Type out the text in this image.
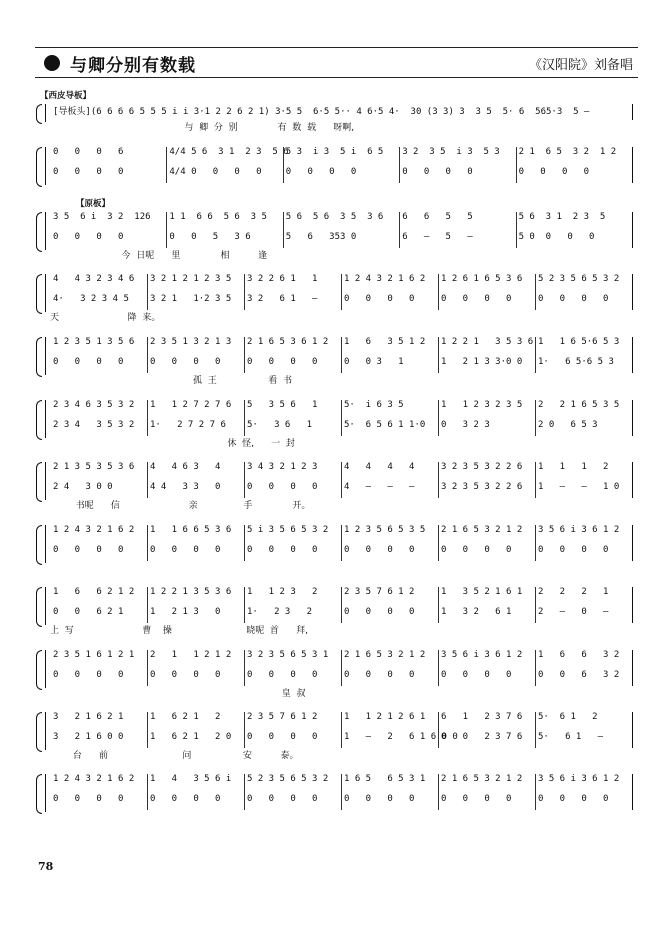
与卿分别有数载	《汉阳院》刘备唱
【西皮导板】
[导板头](6 6 6 6 5 5 5 i i 3·1 2 2 6 2 1) 3·5 5  6·5 5·· 4 6·5 4·  30 (3 3) 3  3 5  5· 6  565·3  5 –
与  卿  分  别              有  数  载      呀啊,
0   0   0   6
0   0   0   0
4/4 5 6  3 1  2 3  5 6
4/4 0   0   0   0
5 3  i 3  5 i  6 5
0   0   0   0
3 2  3 5  i 3  5 3
0   0   0   0
2 1  6 5  3 2  1 2
0   0   0   0
【原板】
3 5  6 i  3 2  126
0   0   0   0
1 1  6 6  5 6  3 5
0   0   5   3 6
5 6  5 6  3 5  3 6
5   6   353 0
6   6   5   5
6   –   5   –
5 6  3 1  2 3  5
5 0  0   0   0
今  日呢      里              相          逢
4   4 3 2 3 4 6
4·   3 2 3 4 5
3 2 1 2 1 2 3 5
3 2 1   1·2 3 5
3 2 2 6 1   1
3 2   6 1   –
1 2 4 3 2 1 6 2
0   0   0   0
1 2 6 1 6 5 3 6
0   0   0   0
5 2 3 5 6 5 3 2
0   0   0   0
天                        降  来。
1 2 3 5 1 3 5 6
0   0   0   0
2 3 5 1 3 2 1 3
0   0   0   0
2 1 6 5 3 6 1 2
0   0   0   0
1   6   3 5 1 2
0   0 3   1
1 2 2 1   3 5 3 6
1   2 1 3 3·0 0
1   1 6 5·6 5 3
1·   6 5·6 5 3
孤  王                  看  书
2 3 4 6 3 5 3 2
2 3 4   3 5 3 2
1   1 2 7 2 7 6
1·   2 7 2 7 6
5   3 5 6   1
5·   3 6   1
5·  i 6 3 5
5·  6 5 6 1 1·0
1   1 2 3 2 3 5
0   3 2 3
2   2 1 6 5 3 5
2 0   6 5 3
休  怪,      一  封
2 1 3 5 3 5 3 6
2 4   3 0 0
4   4 6 3   4
4 4   3 3   0
3 4 3 2 1 2 3
0   0   0   0
4   4   4   4
4   –   –   –
3 2 3 5 3 2 2 6
3 2 3 5 3 2 2 6
1   1   1   2
1   –   –   1 0
书呢      信                        亲                手              开。
1 2 4 3 2 1 6 2
0   0   0   0
1   1 6 6 5 3 6
0   0   0   0
5 i 3 5 6 5 3 2
0   0   0   0
1 2 3 5 6 5 3 5
0   0   0   0
2 1 6 5 3 2 1 2
0   0   0   0
3 5 6 i 3 6 1 2
0   0   0   0
1   6   6 2 1 2
0   0   6 2 1
1 2 2 1 3 5 3 6
1   2 1 3   0
1   1 2 3   2
1·   2 3   2
2 3 5 7 6 1 2
0   0   0   0
1   3 5 2 1 6 1
1   3 2   6 1
2   2   2   1
2   –   0   –
上  写                        曹    操                          晓呢  首      拜,
2 3 5 1 6 1 2 1
0   0   0   0
2   1   1 2 1 2
0   0   0   0
3 2 3 5 6 5 3 1
0   0   0   0
2 1 6 5 3 2 1 2
0   0   0   0
3 5 6 i 3 6 1 2
0   0   0   0
1   6   6   3 2
0   0   6   3 2
皇  叔
3   2 1 6 2 1
3   2 1 6 0 0
1   6 2 1   2
1   6 2 1   2 0
2 3 5 7 6 1 2
0   0   0   0
1   1 2 1 2 6 1
1   –   2   6 1 6 0 0
6   1   2 3 7 6
0   0   2 3 7 6
5·  6 1   2
5·   6 1   –
台      前                          问                  安          泰。
1 2 4 3 2 1 6 2
0   0   0   0
1   4   3 5 6 i
0   0   0   0
5 2 3 5 6 5 3 2
0   0   0   0
1 6 5   6 5 3 1
0   0   0   0
2 1 6 5 3 2 1 2
0   0   0   0
3 5 6 i 3 6 1 2
0   0   0   0
78
